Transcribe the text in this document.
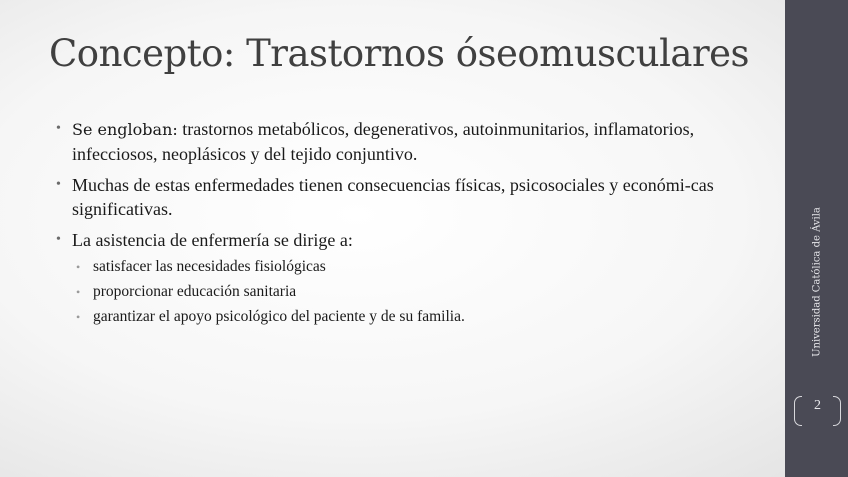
Concepto: Trastornos óseomusculares

• Se engloban: trastornos metabólicos, degenerativos, autoinmunitarios, inflamatorios, infecciosos, neoplásicos y del tejido conjuntivo.

• Muchas de estas enfermedades tienen consecuencias físicas, psicosociales y económi-cas significativas.

• La asistencia de enfermería se dirige a:

• satisfacer las necesidades fisiológicas

• proporcionar educación sanitaria

• garantizar el apoyo psicológico del paciente y de su familia.	Universidad Católica de Ávila
2
